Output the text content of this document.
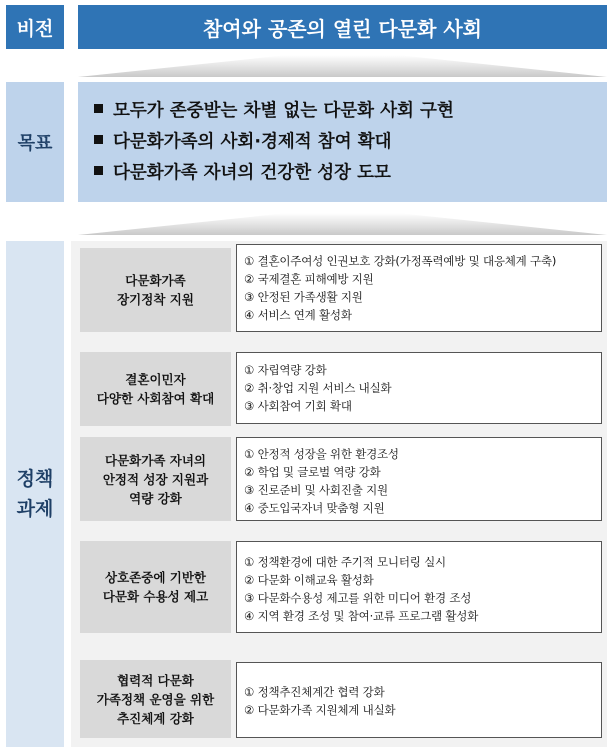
비전	참여와 공존의 열린 다문화 사회
목표
모두가 존중받는 차별 없는 다문화 사회 구현
다문화가족의 사회·경제적 참여 확대
다문화가족 자녀의 건강한 성장 도모
정책
과제
다문화가족
장기정착 지원
① 결혼이주여성 인권보호 강화(가정폭력예방 및 대응체계 구축)
② 국제결혼 피해예방 지원
③ 안정된 가족생활 지원
④ 서비스 연계 활성화
결혼이민자
다양한 사회참여 확대
① 자립역량 강화
② 취·창업 지원 서비스 내실화
③ 사회참여 기회 확대
다문화가족 자녀의
안정적 성장 지원과
역량 강화
① 안정적 성장을 위한 환경조성
② 학업 및 글로벌 역량 강화
③ 진로준비 및 사회진출 지원
④ 중도입국자녀 맞춤형 지원
상호존중에 기반한
다문화 수용성 제고
① 정책환경에 대한 주기적 모니터링 실시
② 다문화 이해교육 활성화
③ 다문화수용성 제고를 위한 미디어 환경 조성
④ 지역 환경 조성 및 참여·교류 프로그램 활성화
협력적 다문화
가족정책 운영을 위한
추진체계 강화
① 정책추진체계간 협력 강화
② 다문화가족 지원체계 내실화
